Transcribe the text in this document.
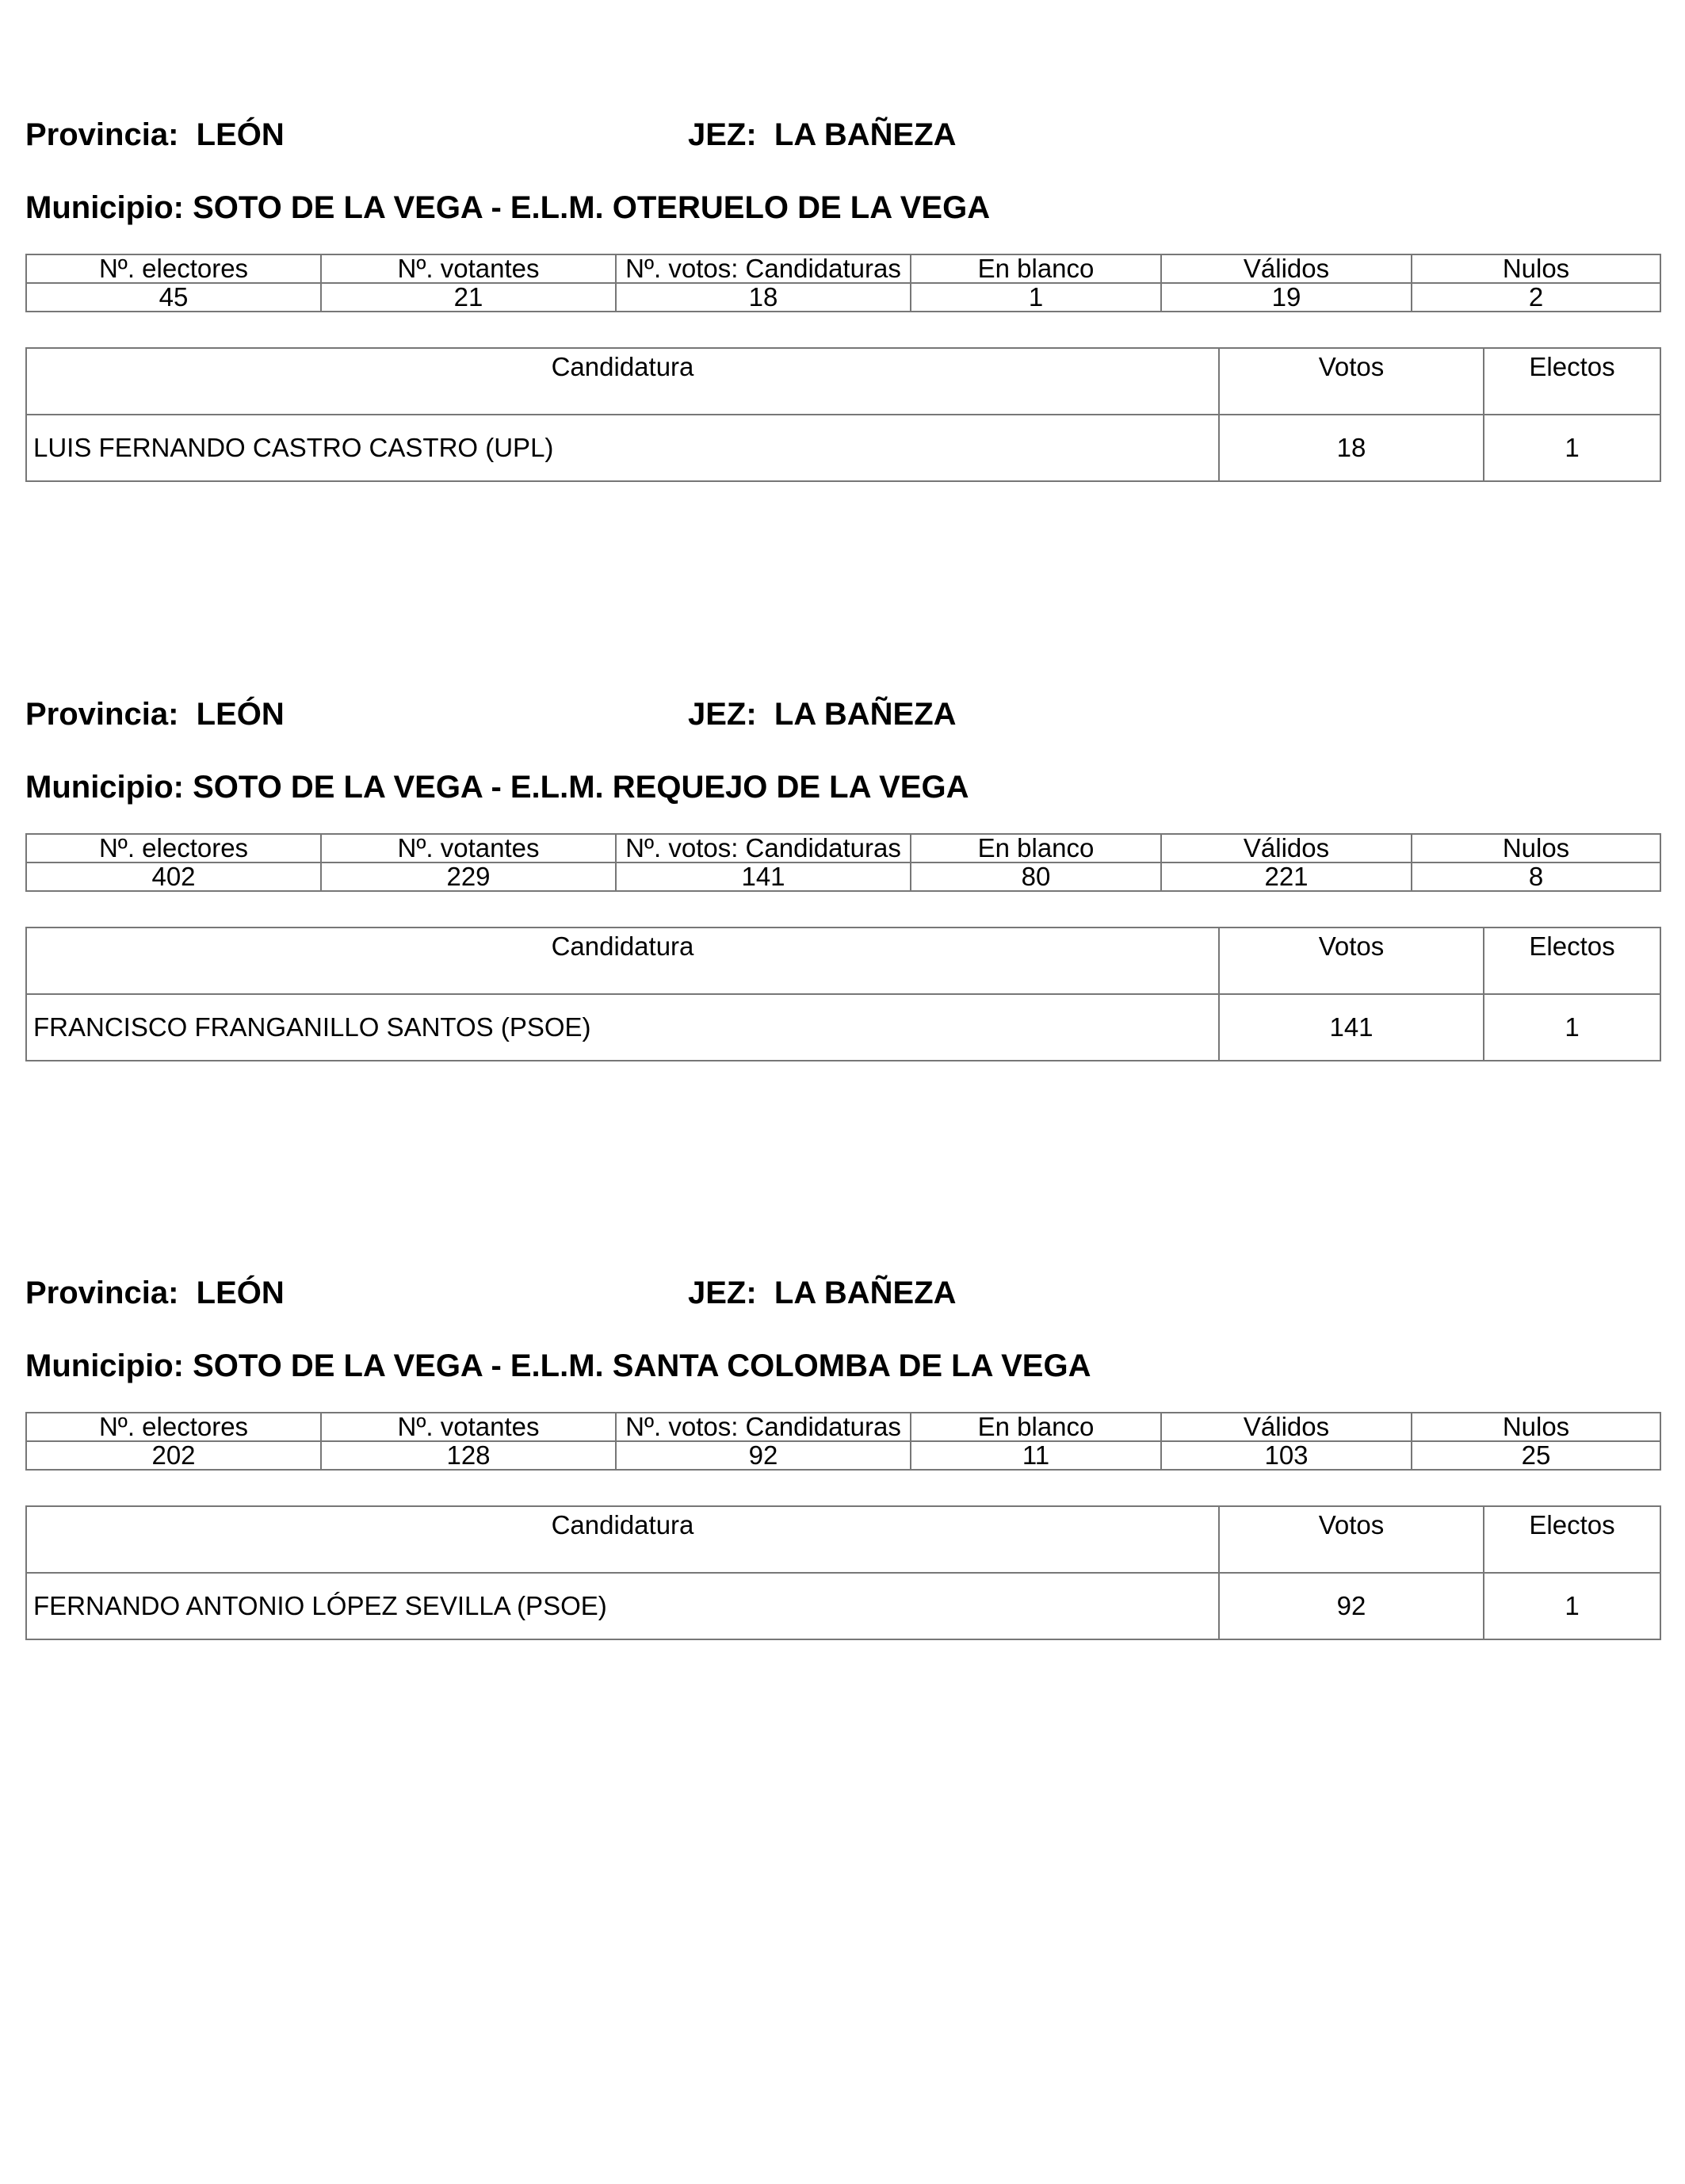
Provincia: LEÓN	JEZ: LA BAÑEZA
Municipio: SOTO DE LA VEGA - E.L.M. OTERUELO DE LA VEGA
Nº. electores	Nº. votantes	Nº. votos: Candidaturas	En blanco	Válidos	Nulos
45	21	18	1	19	2
Candidatura	Votos	Electos
LUIS FERNANDO CASTRO CASTRO (UPL)	18	1
Provincia: LEÓN	JEZ: LA BAÑEZA
Municipio: SOTO DE LA VEGA - E.L.M. REQUEJO DE LA VEGA
Nº. electores	Nº. votantes	Nº. votos: Candidaturas	En blanco	Válidos	Nulos
402	229	141	80	221	8
Candidatura	Votos	Electos
FRANCISCO FRANGANILLO SANTOS (PSOE)	141	1
Provincia: LEÓN	JEZ: LA BAÑEZA
Municipio: SOTO DE LA VEGA - E.L.M. SANTA COLOMBA DE LA VEGA
Nº. electores	Nº. votantes	Nº. votos: Candidaturas	En blanco	Válidos	Nulos
202	128	92	11	103	25
Candidatura	Votos	Electos
FERNANDO ANTONIO LÓPEZ SEVILLA (PSOE)	92	1
